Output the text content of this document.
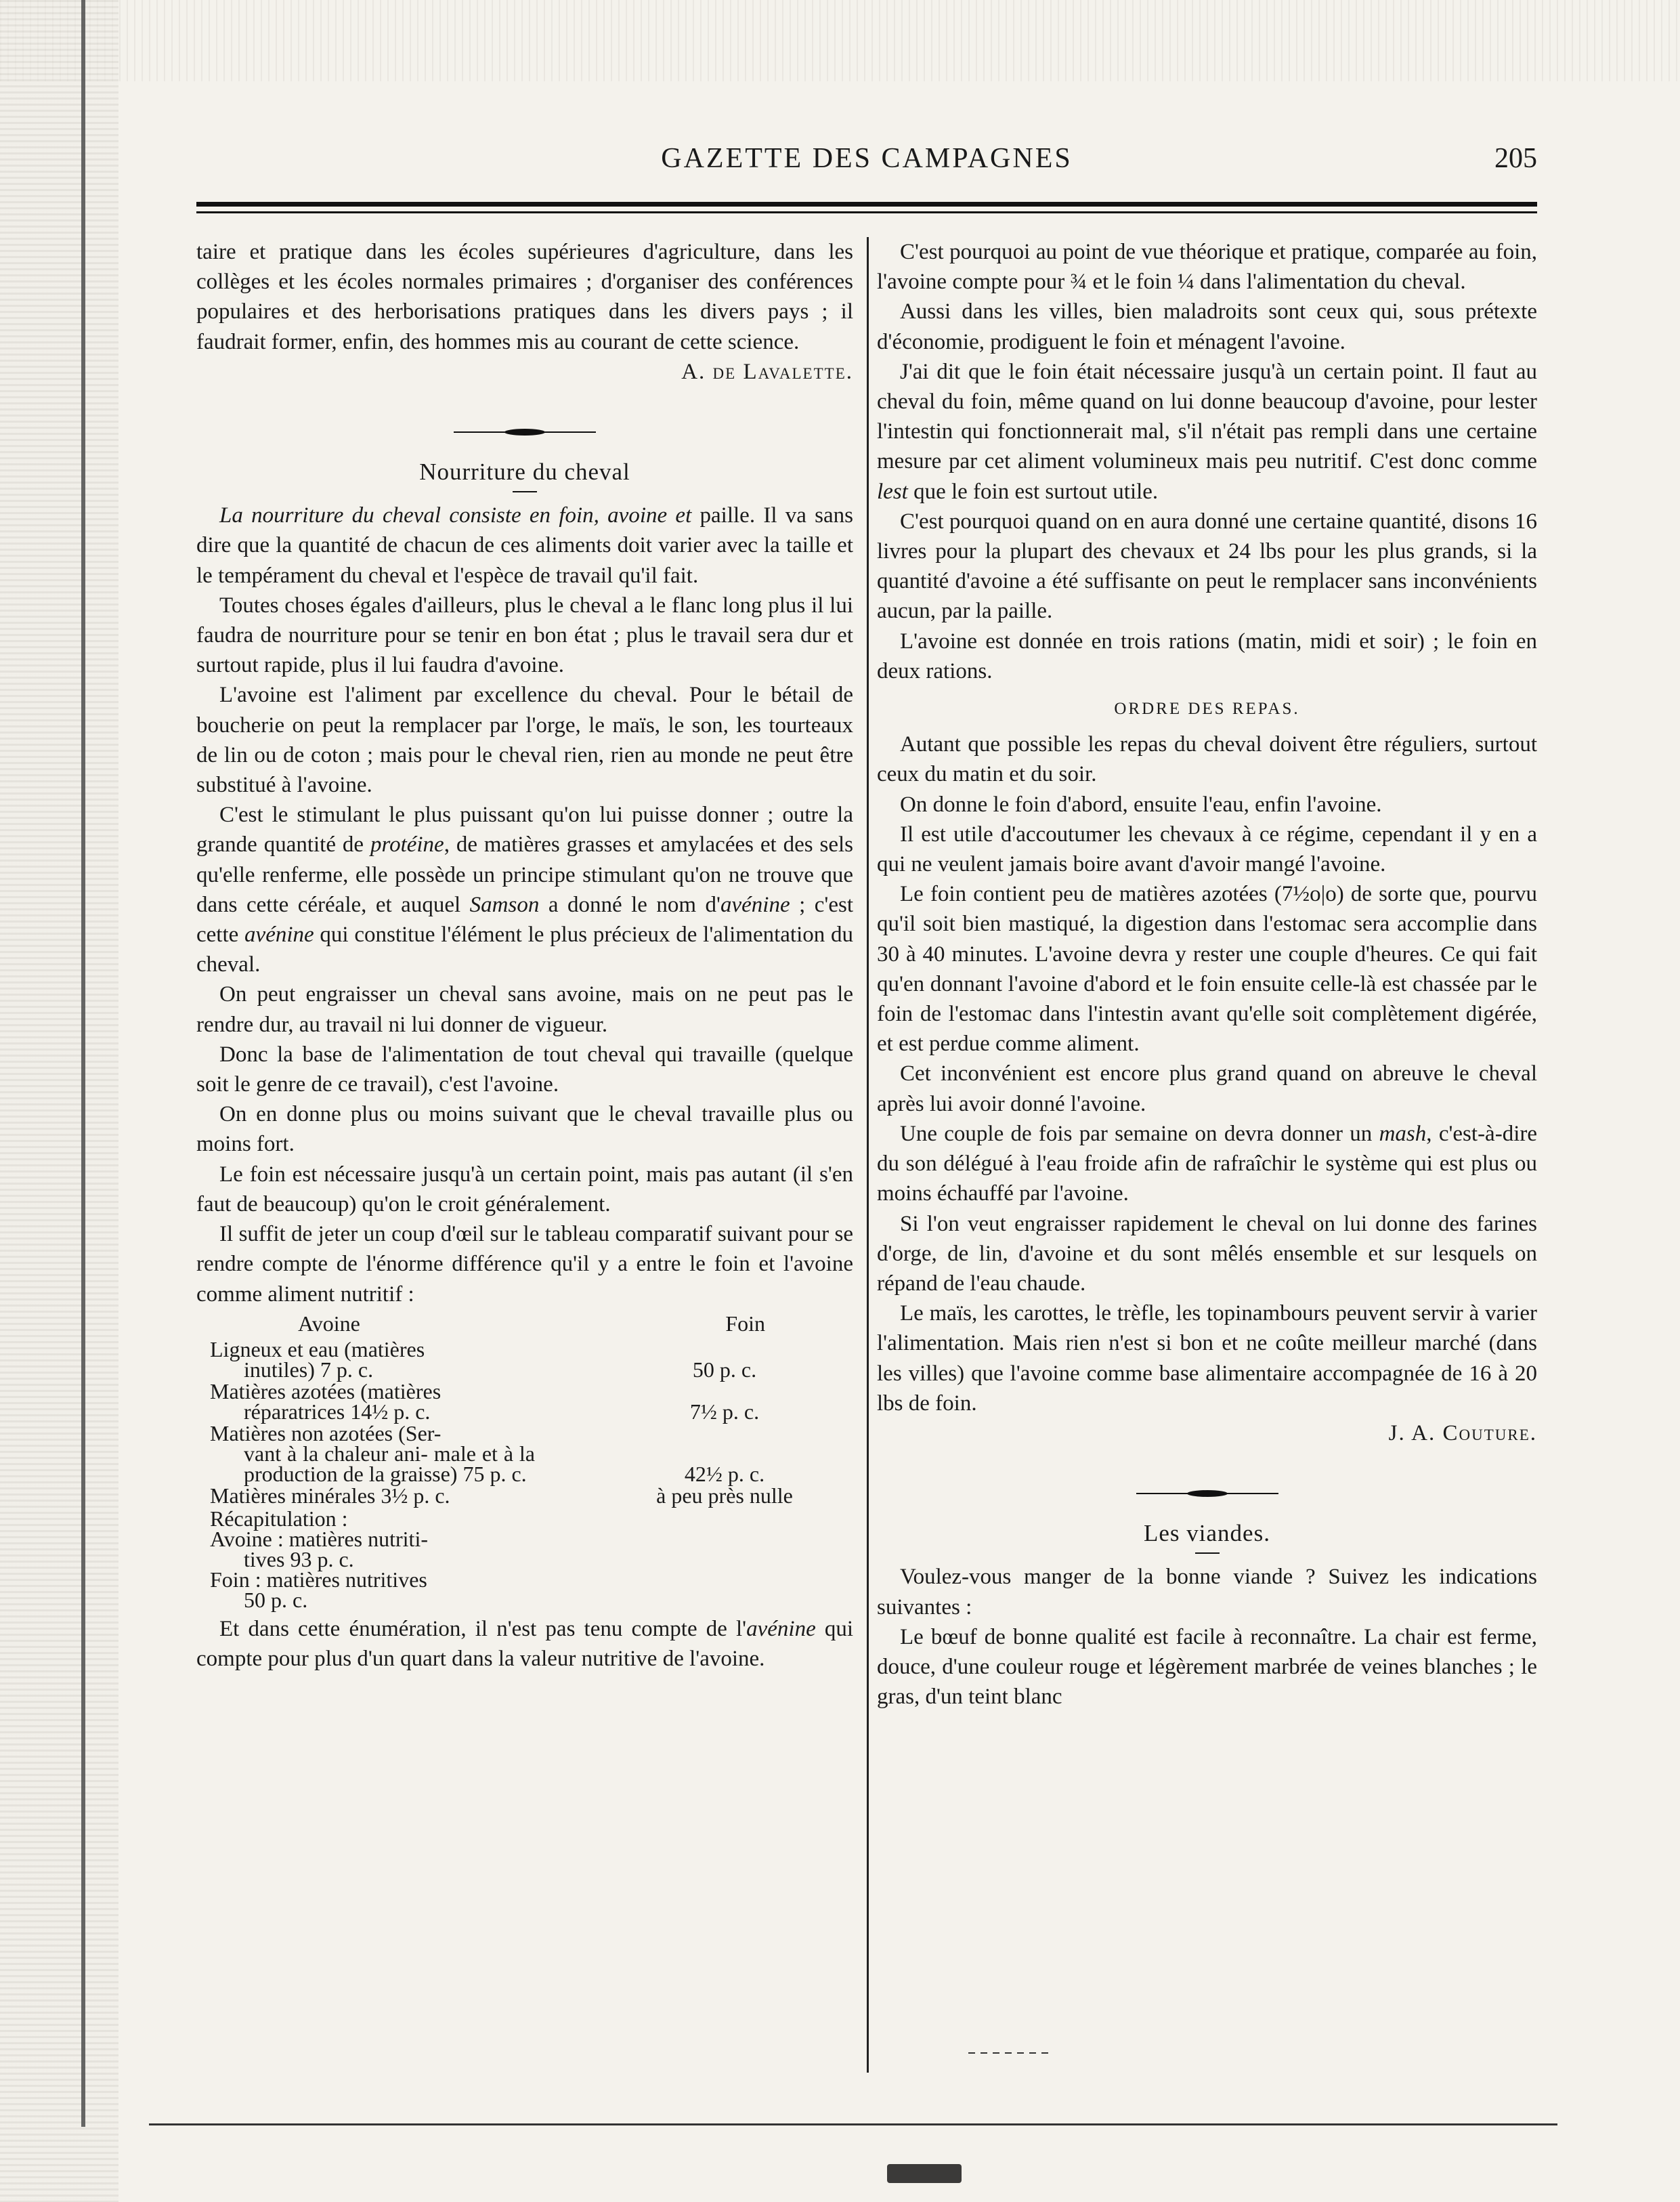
GAZETTE DES CAMPAGNES	205

taire et pratique dans les écoles supérieures d'agriculture, dans les collèges et les écoles normales primaires ; d'organiser des conférences populaires et des herborisations pratiques dans les divers pays ; il faudrait former, enfin, des hommes mis au courant de cette science.

A. de Lavalette.

Nourriture du cheval

La nourriture du cheval consiste en foin, avoine et paille. Il va sans dire que la quantité de chacun de ces aliments doit varier avec la taille et le tempérament du cheval et l'espèce de travail qu'il fait.

Toutes choses égales d'ailleurs, plus le cheval a le flanc long plus il lui faudra de nourriture pour se tenir en bon état ; plus le travail sera dur et surtout rapide, plus il lui faudra d'avoine.

L'avoine est l'aliment par excellence du cheval. Pour le bétail de boucherie on peut la remplacer par l'orge, le maïs, le son, les tourteaux de lin ou de coton ; mais pour le cheval rien, rien au monde ne peut être substitué à l'avoine.

C'est le stimulant le plus puissant qu'on lui puisse donner ; outre la grande quantité de protéine, de matières grasses et amylacées et des sels qu'elle renferme, elle possède un principe stimulant qu'on ne trouve que dans cette céréale, et auquel Samson a donné le nom d'avénine ; c'est cette avénine qui constitue l'élément le plus précieux de l'alimentation du cheval.

On peut engraisser un cheval sans avoine, mais on ne peut pas le rendre dur, au travail ni lui donner de vigueur.

Donc la base de l'alimentation de tout cheval qui travaille (quelque soit le genre de ce travail), c'est l'avoine.

On en donne plus ou moins suivant que le cheval travaille plus ou moins fort.

Le foin est nécessaire jusqu'à un certain point, mais pas autant (il s'en faut de beaucoup) qu'on le croit généralement.

Il suffit de jeter un coup d'œil sur le tableau comparatif suivant pour se rendre compte de l'énorme différence qu'il y a entre le foin et l'avoine comme aliment nutritif :

Avoine	Foin
Ligneux et eau (matières
inutiles) 7 p. c.	50 p. c.
Matières azotées (matières
réparatrices 14½ p. c.	7½ p. c.
Matières non azotées (Ser-
vant à la chaleur ani- male et à la production de la graisse) 75 p. c.	42½ p. c.
Matières minérales 3½ p. c.	à peu près nulle
Récapitulation :
Avoine : matières nutriti-
tives 93 p. c.
Foin : matières nutritives
50 p. c.

Et dans cette énumération, il n'est pas tenu compte de l'avénine qui compte pour plus d'un quart dans la valeur nutritive de l'avoine.

C'est pourquoi au point de vue théorique et pratique, comparée au foin, l'avoine compte pour ¾ et le foin ¼ dans l'alimentation du cheval.

Aussi dans les villes, bien maladroits sont ceux qui, sous prétexte d'économie, prodiguent le foin et ménagent l'avoine.

J'ai dit que le foin était nécessaire jusqu'à un certain point. Il faut au cheval du foin, même quand on lui donne beaucoup d'avoine, pour lester l'intestin qui fonctionnerait mal, s'il n'était pas rempli dans une certaine mesure par cet aliment volumineux mais peu nutritif. C'est donc comme lest que le foin est surtout utile.

C'est pourquoi quand on en aura donné une certaine quantité, disons 16 livres pour la plupart des chevaux et 24 lbs pour les plus grands, si la quantité d'avoine a été suffisante on peut le remplacer sans inconvénients aucun, par la paille.

L'avoine est donnée en trois rations (matin, midi et soir) ; le foin en deux rations.

ORDRE DES REPAS.

Autant que possible les repas du cheval doivent être réguliers, surtout ceux du matin et du soir.

On donne le foin d'abord, ensuite l'eau, enfin l'avoine.

Il est utile d'accoutumer les chevaux à ce régime, cependant il y en a qui ne veulent jamais boire avant d'avoir mangé l'avoine.

Le foin contient peu de matières azotées (7½o|o) de sorte que, pourvu qu'il soit bien mastiqué, la digestion dans l'estomac sera accomplie dans 30 à 40 minutes. L'avoine devra y rester une couple d'heures. Ce qui fait qu'en donnant l'avoine d'abord et le foin ensuite celle-là est chassée par le foin de l'estomac dans l'intestin avant qu'elle soit complètement digérée, et est perdue comme aliment.

Cet inconvénient est encore plus grand quand on abreuve le cheval après lui avoir donné l'avoine.

Une couple de fois par semaine on devra donner un mash, c'est-à-dire du son délégué à l'eau froide afin de rafraîchir le système qui est plus ou moins échauffé par l'avoine.

Si l'on veut engraisser rapidement le cheval on lui donne des farines d'orge, de lin, d'avoine et du sont mêlés ensemble et sur lesquels on répand de l'eau chaude.

Le maïs, les carottes, le trèfle, les topinambours peuvent servir à varier l'alimentation. Mais rien n'est si bon et ne coûte meilleur marché (dans les villes) que l'avoine comme base alimentaire accompagnée de 16 à 20 lbs de foin.

J. A. Couture.

Les viandes.

Voulez-vous manger de la bonne viande ? Suivez les indications suivantes :

Le bœuf de bonne qualité est facile à reconnaître. La chair est ferme, douce, d'une couleur rouge et légèrement marbrée de veines blanches ; le gras, d'un teint blanc
